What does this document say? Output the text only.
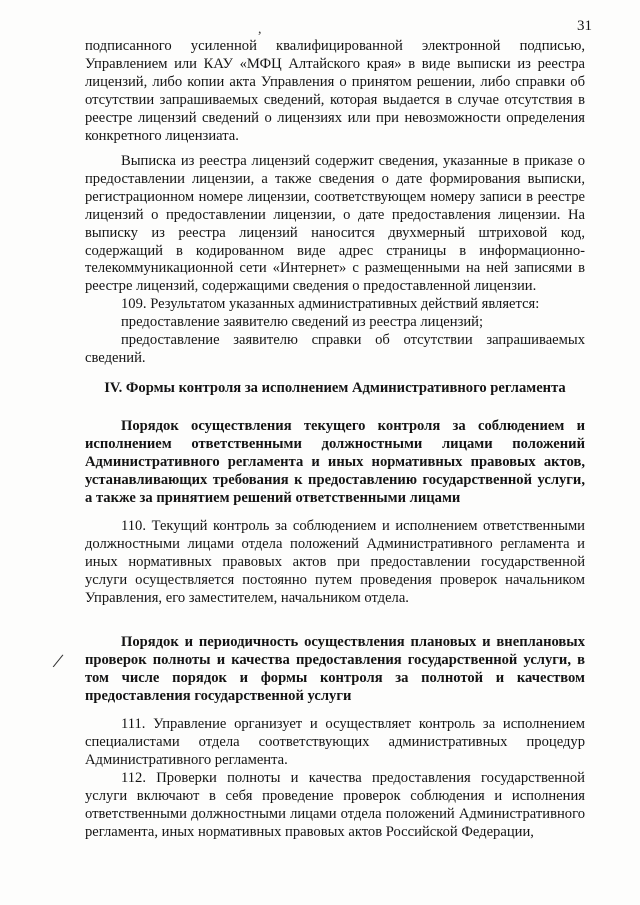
,	31

подписанного усиленной квалифицированной электронной подписью, Управлением или КАУ «МФЦ Алтайского края» в виде выписки из реестра лицензий, либо копии акта Управления о принятом решении, либо справки об отсутствии запрашиваемых сведений, которая выдается в случае отсутствия в реестре лицензий сведений о лицензиях или при невозможности определения конкретного лицензиата.

Выписка из реестра лицензий содержит сведения, указанные в приказе о предоставлении лицензии, а также сведения о дате формирования выписки, регистрационном номере лицензии, соответствующем номеру записи в реестре лицензий о предоставлении лицензии, о дате предоставления лицензии. На выписку из реестра лицензий наносится двухмерный штриховой код, содержащий в кодированном виде адрес страницы в информационно-телекоммуникационной сети «Интернет» с размещенными на ней записями в реестре лицензий, содержащими сведения о предоставленной лицензии.

109. Результатом указанных административных действий является:

предоставление заявителю сведений из реестра лицензий;

предоставление заявителю справки об отсутствии запрашиваемых сведений.

IV. Формы контроля за исполнением Административного регламента
Порядок осуществления текущего контроля за соблюдением и исполнением ответственными должностными лицами положений Административного регламента и иных нормативных правовых актов, устанавливающих требования к предоставлению государственной услуги, а также за принятием решений ответственными лицами

110. Текущий контроль за соблюдением и исполнением ответственными должностными лицами отдела положений Административного регламента и иных нормативных правовых актов при предоставлении государственной услуги осуществляется постоянно путем проведения проверок начальником Управления, его заместителем, начальником отдела.

/
Порядок и периодичность осуществления плановых и внеплановых проверок полноты и качества предоставления государственной услуги, в том числе порядок и формы контроля за полнотой и качеством предоставления государственной услуги

111. Управление организует и осуществляет контроль за исполнением специалистами отдела соответствующих административных процедур Административного регламента.

112. Проверки полноты и качества предоставления государственной услуги включают в себя проведение проверок соблюдения и исполнения ответственными должностными лицами отдела положений Административного регламента, иных нормативных правовых актов Российской Федерации,
